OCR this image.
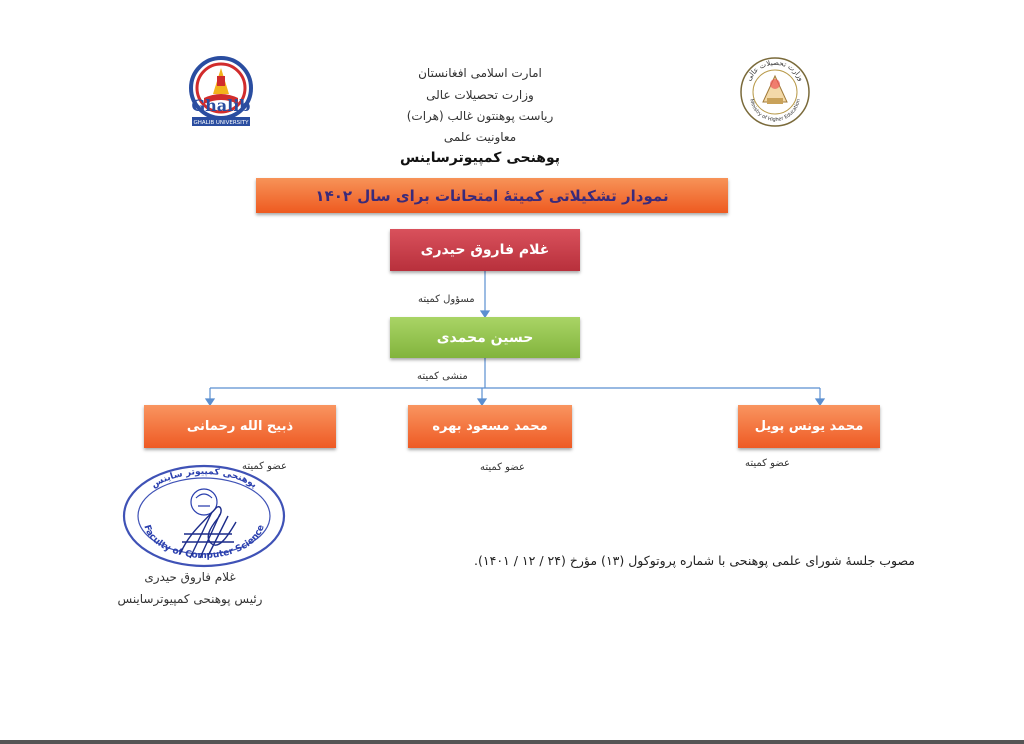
امارت اسلامی افغانستان
وزارت تحصیلات عالی
ریاست پوهنتون غالب (هرات)
معاونیت علمی
پوهنحی کمپیوترساینس
Ghalib
GHALIB UNIVERSITY
وزارت تحصیلات عالی
Ministry of Higher Education
نمودار تشکیلاتی کمیتهٔ امتحانات برای سال ۱۴۰۲
غلام فاروق حیدری
مسؤول کمیته
حسین محمدی
منشی کمیته
محمد مسعود بهره
عضو کمیته
محمد یونس پویل
عضو کمیته
ذبیح الله رحمانی
عضو کمیته
مصوب جلسهٔ شورای علمی پوهنحی با شماره پروتوکول (۱۳) مؤرخ (۲۴ / ۱۲ / ۱۴۰۱).
پوهنحی کمپیوتر ساینس
Faculty of Computer Science
غلام فاروق حیدری
رئیس پوهنحی کمپیوترساینس
